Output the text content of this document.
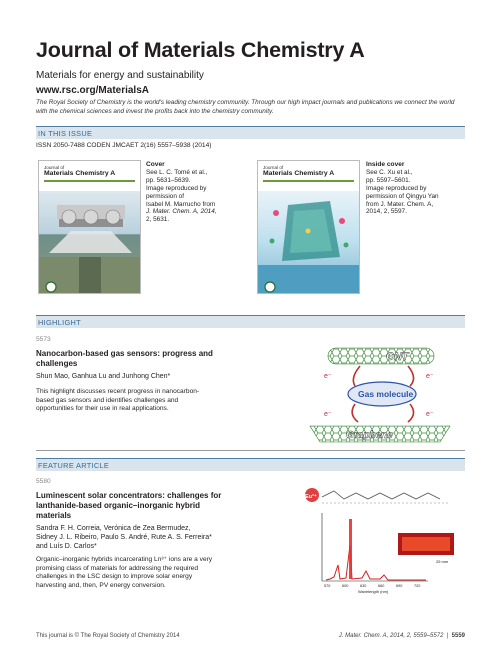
Journal of Materials Chemistry A
Materials for energy and sustainability
www.rsc.org/MaterialsA
The Royal Society of Chemistry is the world's leading chemistry community. Through our high impact journals and publications we connect the world with the chemical sciences and invest the profits back into the chemistry community.
IN THIS ISSUE
ISSN 2050-7488 CODEN JMCAET 2(16) 5557–5938 (2014)
Journal of
Materials Chemistry A
Cover
See L. C. Tomé et al.,
pp. 5631–5639.
Image reproduced by
permission of
Isabel M. Marrucho from
J. Mater. Chem. A, 2014,
2, 5631.
Journal of
Materials Chemistry A
Inside cover
See C. Xu et al.,
pp. 5597–5601.
Image reproduced by
permission of Qingyu Yan
from J. Mater. Chem. A,
2014, 2, 5597.
HIGHLIGHT
5573
Nanocarbon-based gas sensors: progress and
challenges
Shun Mao, Ganhua Lu and Junhong Chen*
This highlight discusses recent progress in nanocarbon-
based gas sensors and identifies challenges and
opportunities for their use in real applications.
CNT
Gas molecule
e⁻	e⁻
e⁻	e⁻
Graphene
FEATURE ARTICLE
5580
Luminescent solar concentrators: challenges for
lanthanide-based organic–inorganic hybrid
materials
Sandra F. H. Correia, Verónica de Zea Bermudez,
Sidney J. L. Ribeiro, Paulo S. André, Rute A. S. Ferreira*
and Luís D. Carlos*
Organic–inorganic hybrids incarcerating Ln³⁺ ions are a very
promising class of materials for addressing the required
challenges in the LSC design to improve solar energy
harvesting and, then, PV energy conversion.
Eu³⁺
25 mm
570	600	630	660	690	720
Wavelength (nm)
This journal is © The Royal Society of Chemistry 2014	J. Mater. Chem. A, 2014, 2, 5559–5572  |  5559
